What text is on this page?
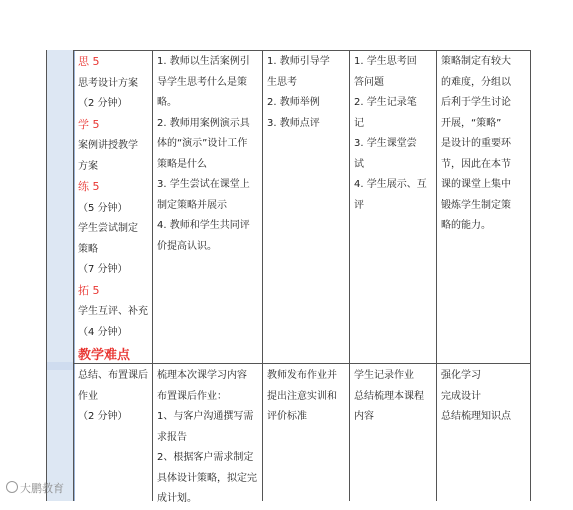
思 5
思考设计方案
（2 分钟）
学 5
案例讲授教学
方案
练 5
（5 分钟）
学生尝试制定
策略
（7 分钟）
拓 5
学生互评、补充
（4 分钟）
教学难点
1. 教师以生活案例引
导学生思考什么是策
略。
2. 教师用案例演示具
体的“演示”设计工作
策略是什么
3. 学生尝试在课堂上
制定策略并展示
4. 教师和学生共同评
价提高认识。
1. 教师引导学
生思考
2. 教师举例
3. 教师点评
1. 学生思考回
答问题
2. 学生记录笔
记
3. 学生课堂尝
试
4. 学生展示、互
评
策略制定有较大
的难度，分组以
后利于学生讨论
开展，“策略”
是设计的重要环
节，因此在本节
课的课堂上集中
锻炼学生制定策
略的能力。
总结、布置课后
作业
（2 分钟）
梳理本次课学习内容
布置课后作业：
1、与客户沟通撰写需
求报告
2、根据客户需求制定
具体设计策略，拟定完
成计划。
教师发布作业并
提出注意实训和
评价标准
学生记录作业
总结梳理本课程
内容
强化学习
完成设计
总结梳理知识点
大鹏教育
